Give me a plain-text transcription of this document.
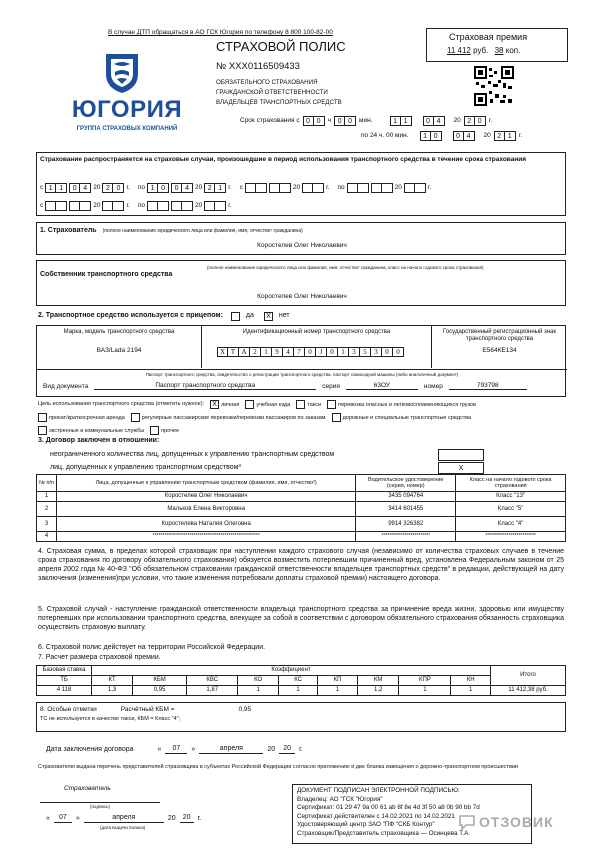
В случае ДТП обращаться в АО ГСК Югория по телефону 8 800 100-82-00
ЮГОРИЯ
ГРУППА СТРАХОВЫХ КОМПАНИЙ
СТРАХОВОЙ ПОЛИС
№ ХХХ0116509433
ОБЯЗАТЕЛЬНОГО СТРАХОВАНИЯ
ГРАЖДАНСКОЙ ОТВЕТСТВЕННОСТИ
ВЛАДЕЛЬЦЕВ ТРАНСПОРТНЫХ СРЕДСТВ
Страховая премия
11 412 руб. 38 коп.
Срок страхования с 0 0	ч 0 0	мин.	1 1	0 4	20 2 0	г.
по 24 ч. 00 мин.	1 0	0 4	20 2 1	г.
Страхование распространяется на страховые случаи, произошедшие в период использования транспортного средства в течение срока страхования
с 1 1	0 4 20 2 0 г. по 1 0	0 4 20 2 1 г. с	20	г. по	20	г.
с	20	г. по	20	г.
1. Страхователь (полное наименование юридического лица или фамилия, имя, отчество¹ гражданина)
Коростелев Олег Николаевич
Собственник транспортного средства
(полное наименование юридического лица или фамилия, имя, отчество¹ гражданина, класс на начало годового срока страхования)
Коростелев Олег Николаевич
2. Транспортное средство используется с прицепом:	да	X	нет
Марка, модель транспортного средства
ВАЗ/Lada 2194
Идентификационный номер транспортного средства
X T A 2	1	9	4	7	0	J	0	1	3	5	3	0	0
Государственный регистрационный знак транспортного средства
Е564КЕ134
Паспорт транспортного средства, свидетельство о регистрации транспортного средства, паспорт самоходной машины (либо аналогичный документ)
Вид документа	Паспорт транспортного средства	серия	63ОУ	номер	793798
Цель использования транспортного средства (отметить нужное):	X личная	учебная езда	такси	перевозка опасных и легковоспламеняющихся грузов
прокат/краткосрочная аренда	регулярные пассажирские перевозки/перевозки пассажиров по заказам	дорожные и специальные транспортные средства
экстренные и коммунальные службы	прочее
3. Договор заключен в отношении:
неограниченного количества лиц, допущенных к управлению транспортным средством
лиц, допущенных к управлению транспортным средством³	X
№ п/п	Лица, допущенные к управлению транспортным средством (фамилия, имя, отчество²)	Водительское удостоверение (серия, номер)	Класс на начало годового срока страхования
1	Коростелев Олег Николаевич	3435 094764	Класс "13"
2	Мальков Елена Викторовна	3414 601455	Класс "5"
3	Коростелева Наталия Олеговна	9914 326382	Класс "4"
4	*******************************************************	*************************	**************************
4. Страховая сумма, в пределах которой страховщик при наступлении каждого страхового случая (независимо от количества страховых случаев в течение срока страхования по договору обязательного страхования) обязуется возместить потерпевшим причиненный вред, установлена Федеральным законом от 25 апреля 2002 года № 40-ФЗ "Об обязательном страховании гражданской ответственности владельцев транспортных средств" в редакции, действующей на дату заключения (изменения)при условии, что такие изменения потребовали доплаты страховой премии) настоящего договора.
5. Страховой случай - наступление гражданской ответственности владельца транспортного средства за причинение вреда жизни, здоровью или имуществу потерпевших при использовании транспортного средства, влекущее за собой в соответствии с договором обязательного страхования обязанность страховщика осуществить страховую выплату.
6. Страховой полис действует на территории Российской Федерации.
7. Расчет размера страховой премии.
Базовая ставка	Коэффициент									Итого
ТБ	КТ	КБМ	КВС	КО	КС	КП	КМ	КПР	КН	
4 118	1,3	0,95	1,87	1	1	1	1,2	1	1	11 412,38 руб.
8. Особые отметки	Расчётный КБМ =	0,95
ТС не используется в качестве такси, КБМ = Класс "4";
Дата заключения договора	«	07	»	апреля	20	20	г.
Страхователю выдана перечень представителей страховщика в субъектах Российской Федерации согласно приложению и две бланка извещения о дорожно-транспортном происшествии
Страхователь
(подпись)
«	07	»	апреля	20	20	г.
(дата выдачи полиса)
ДОКУМЕНТ ПОДПИСАН ЭЛЕКТРОННОЙ ПОДПИСЬЮ:
Владелец: АО "ГСК "Югория"
Сертификат: 01 29 47 9a 00 61 ab 8f 8e 4d 3f 50 a8 0b 90 bb 7d
Сертификат действителен с 14.02.2021 по 14.02.2021
Удостоверяющий центр ЗАО "ПФ "СКБ Контур"
Страховщик/Представитель страховщика — Осинцева Т.А.
ОТЗОВИК
